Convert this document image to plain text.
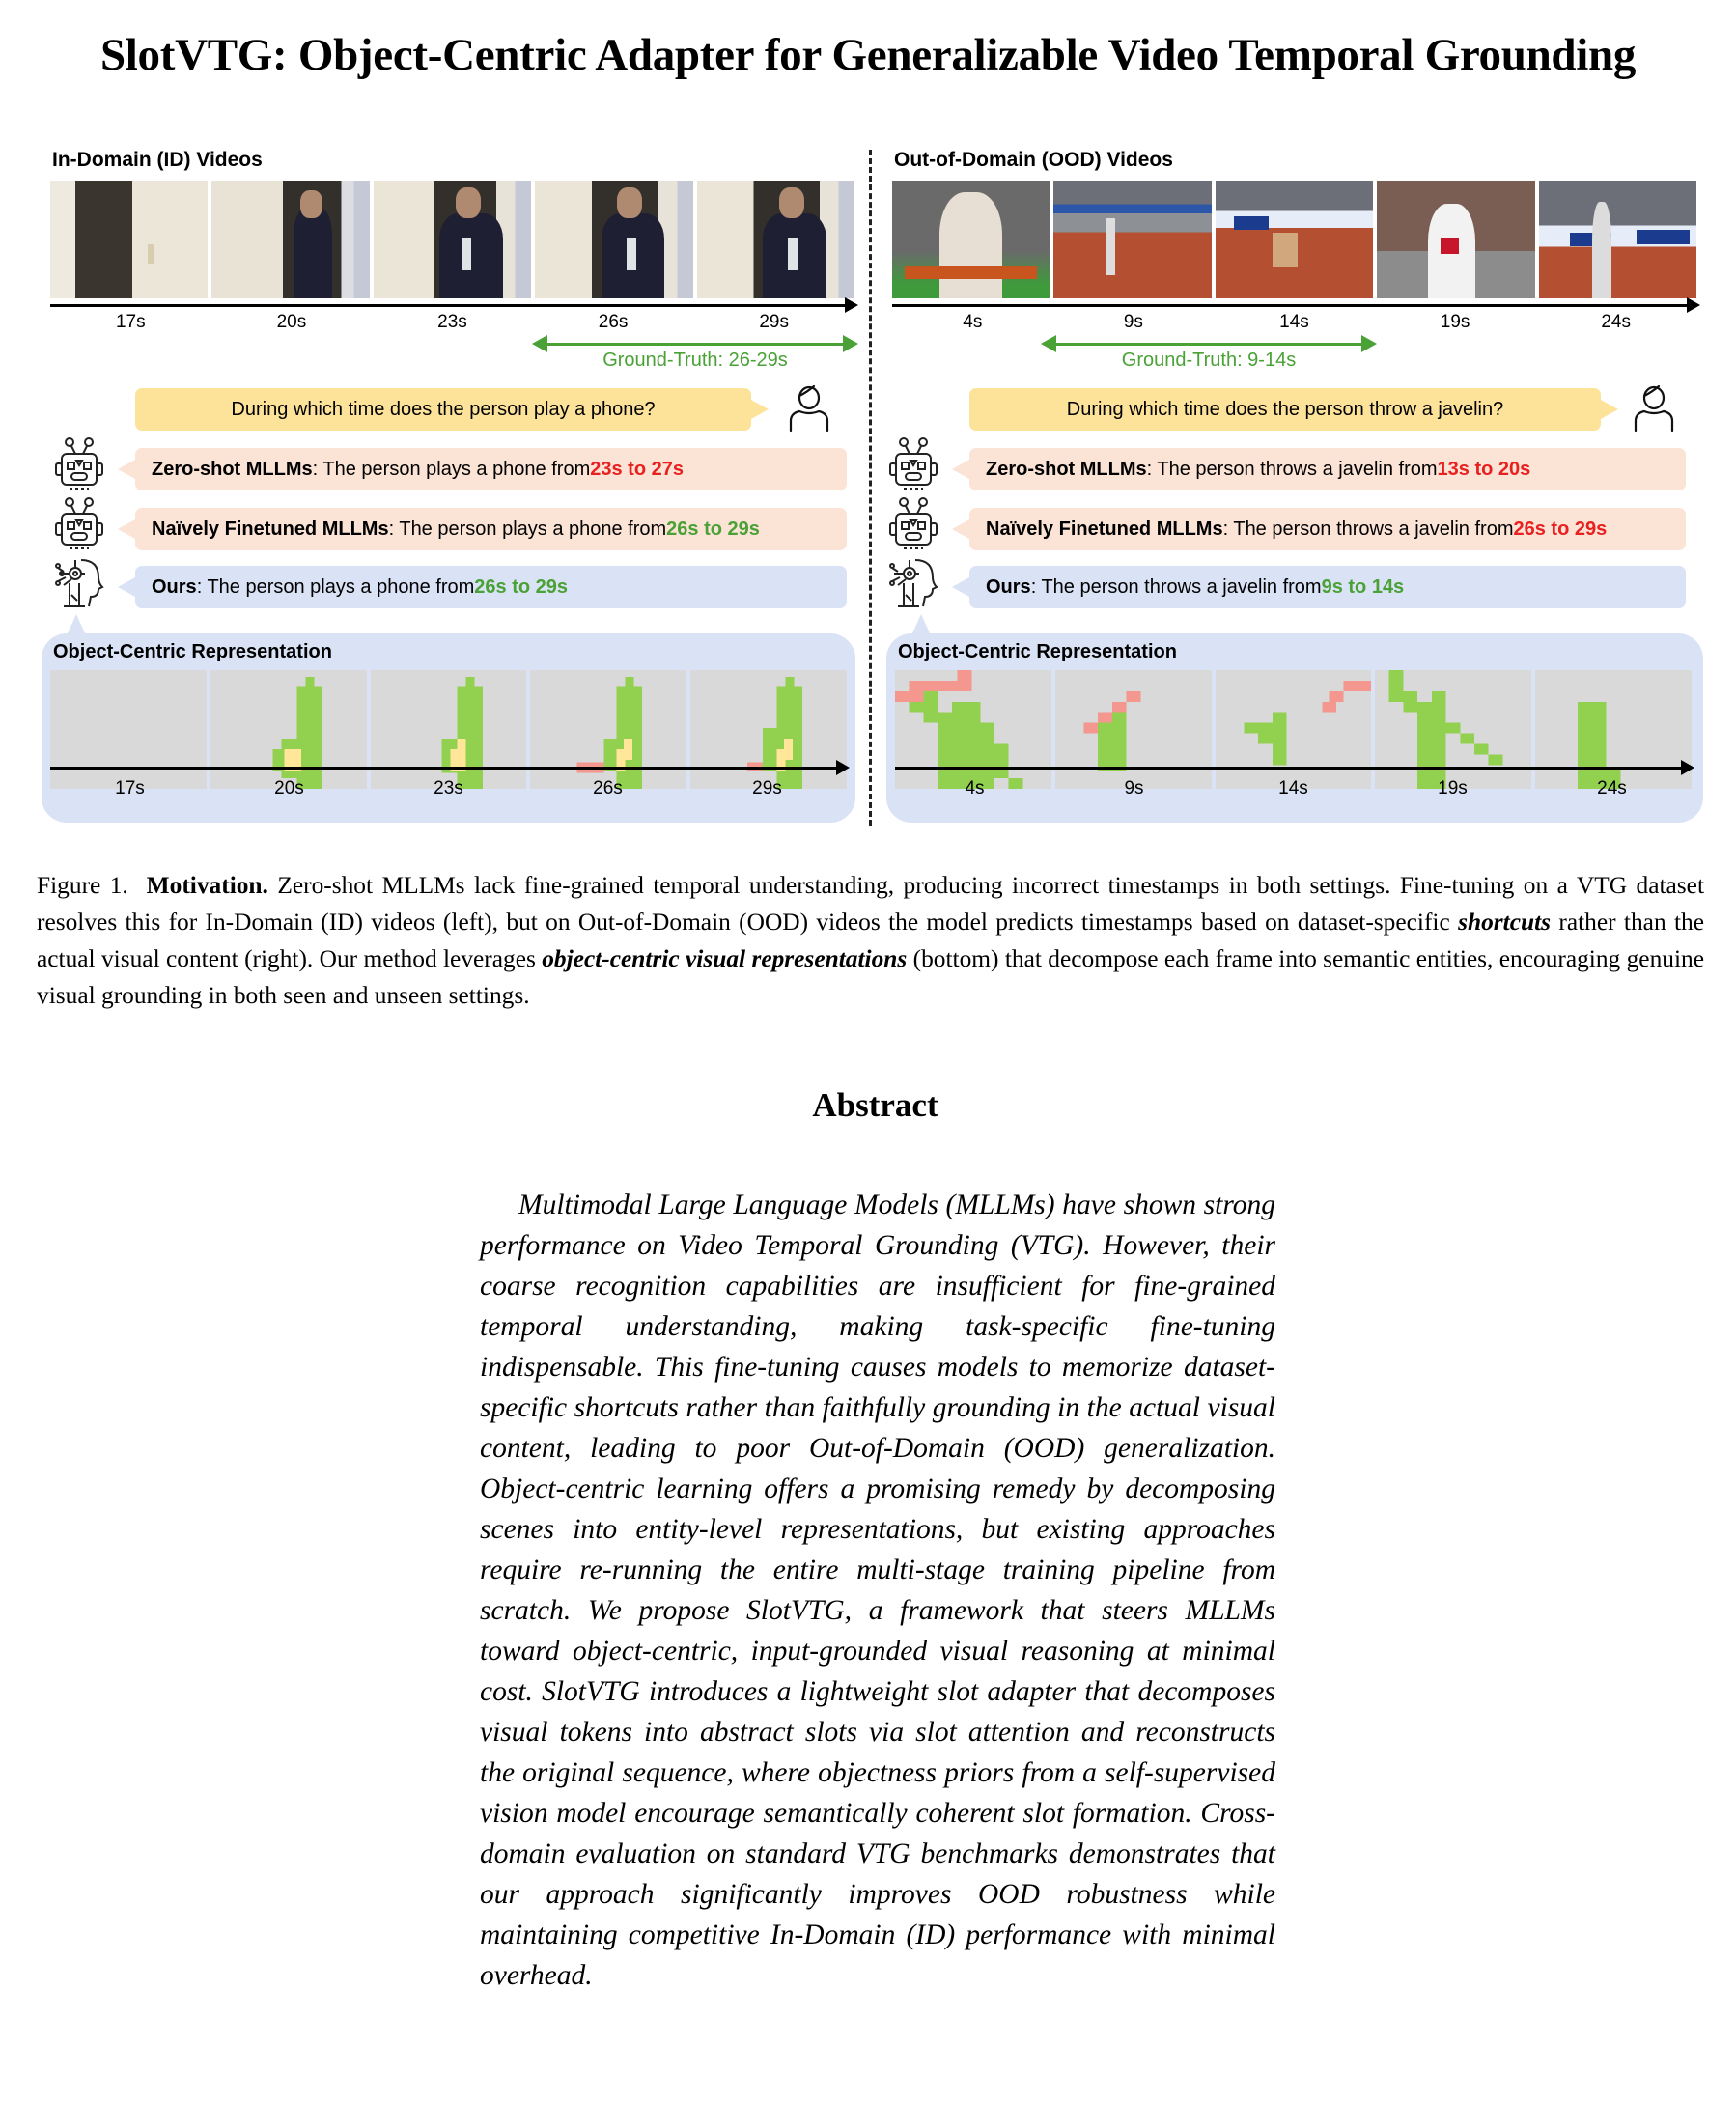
SlotVTG: Object-Centric Adapter for Generalizable Video Temporal Grounding
In-Domain (ID) Videos
17s	20s	23s	26s	29s
Ground-Truth: 26-29s
During which time does the person play a phone?
Zero-shot MLLMs : The person plays a phone from 23s to 27s
Naïvely Finetuned MLLMs : The person plays a phone from 26s to 29s
Ours : The person plays a phone from 26s to 29s
Object-Centric Representation
17s	20s	23s	26s	29s
Out-of-Domain (OOD) Videos
4s	9s	14s	19s	24s
Ground-Truth: 9-14s
During which time does the person throw a javelin?
Zero-shot MLLMs : The person throws a javelin from 13s to 20s
Naïvely Finetuned MLLMs : The person throws a javelin from 26s to 29s
Ours : The person throws a javelin from 9s to 14s
Object-Centric Representation
4s	9s	14s	19s	24s
Figure 1. Motivation. Zero-shot MLLMs lack fine-grained temporal understanding, producing incorrect timestamps in both settings. Fine-tuning on a VTG dataset resolves this for In-Domain (ID) videos (left), but on Out-of-Domain (OOD) videos the model predicts timestamps based on dataset-specific shortcuts rather than the actual visual content (right). Our method leverages object-centric visual representations (bottom) that decompose each frame into semantic entities, encouraging genuine visual grounding in both seen and unseen settings.
Abstract
Multimodal Large Language Models (MLLMs) have shown strong performance on Video Temporal Grounding (VTG). However, their coarse recognition capabilities are insufficient for fine-grained temporal understanding, making task-specific fine-tuning indispensable. This fine-tuning causes models to memorize dataset-specific shortcuts rather than faithfully grounding in the actual visual content, leading to poor Out-of-Domain (OOD) generalization. Object-centric learning offers a promising remedy by decomposing scenes into entity-level representations, but existing approaches require re-running the entire multi-stage training pipeline from scratch. We propose SlotVTG, a framework that steers MLLMs toward object-centric, input-grounded visual reasoning at minimal cost. SlotVTG introduces a lightweight slot adapter that decomposes visual tokens into abstract slots via slot attention and reconstructs the original sequence, where objectness priors from a self-supervised vision model encourage semantically coherent slot formation. Cross-domain evaluation on standard VTG benchmarks demonstrates that our approach significantly improves OOD robustness while maintaining competitive In-Domain (ID) performance with minimal overhead.
